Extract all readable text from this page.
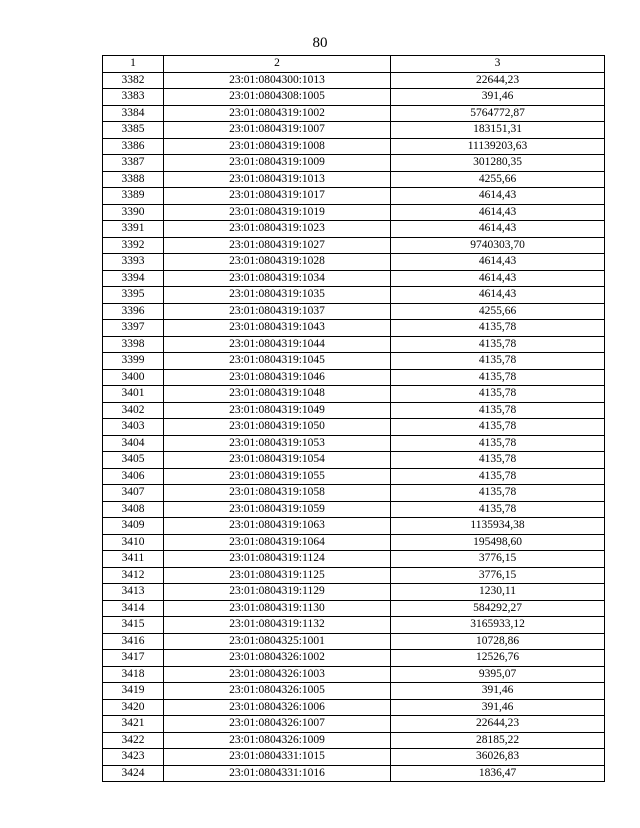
80
1	2	3
3382	23:01:0804300:1013	22644,23
3383	23:01:0804308:1005	391,46
3384	23:01:0804319:1002	5764772,87
3385	23:01:0804319:1007	183151,31
3386	23:01:0804319:1008	11139203,63
3387	23:01:0804319:1009	301280,35
3388	23:01:0804319:1013	4255,66
3389	23:01:0804319:1017	4614,43
3390	23:01:0804319:1019	4614,43
3391	23:01:0804319:1023	4614,43
3392	23:01:0804319:1027	9740303,70
3393	23:01:0804319:1028	4614,43
3394	23:01:0804319:1034	4614,43
3395	23:01:0804319:1035	4614,43
3396	23:01:0804319:1037	4255,66
3397	23:01:0804319:1043	4135,78
3398	23:01:0804319:1044	4135,78
3399	23:01:0804319:1045	4135,78
3400	23:01:0804319:1046	4135,78
3401	23:01:0804319:1048	4135,78
3402	23:01:0804319:1049	4135,78
3403	23:01:0804319:1050	4135,78
3404	23:01:0804319:1053	4135,78
3405	23:01:0804319:1054	4135,78
3406	23:01:0804319:1055	4135,78
3407	23:01:0804319:1058	4135,78
3408	23:01:0804319:1059	4135,78
3409	23:01:0804319:1063	1135934,38
3410	23:01:0804319:1064	195498,60
3411	23:01:0804319:1124	3776,15
3412	23:01:0804319:1125	3776,15
3413	23:01:0804319:1129	1230,11
3414	23:01:0804319:1130	584292,27
3415	23:01:0804319:1132	3165933,12
3416	23:01:0804325:1001	10728,86
3417	23:01:0804326:1002	12526,76
3418	23:01:0804326:1003	9395,07
3419	23:01:0804326:1005	391,46
3420	23:01:0804326:1006	391,46
3421	23:01:0804326:1007	22644,23
3422	23:01:0804326:1009	28185,22
3423	23:01:0804331:1015	36026,83
3424	23:01:0804331:1016	1836,47
